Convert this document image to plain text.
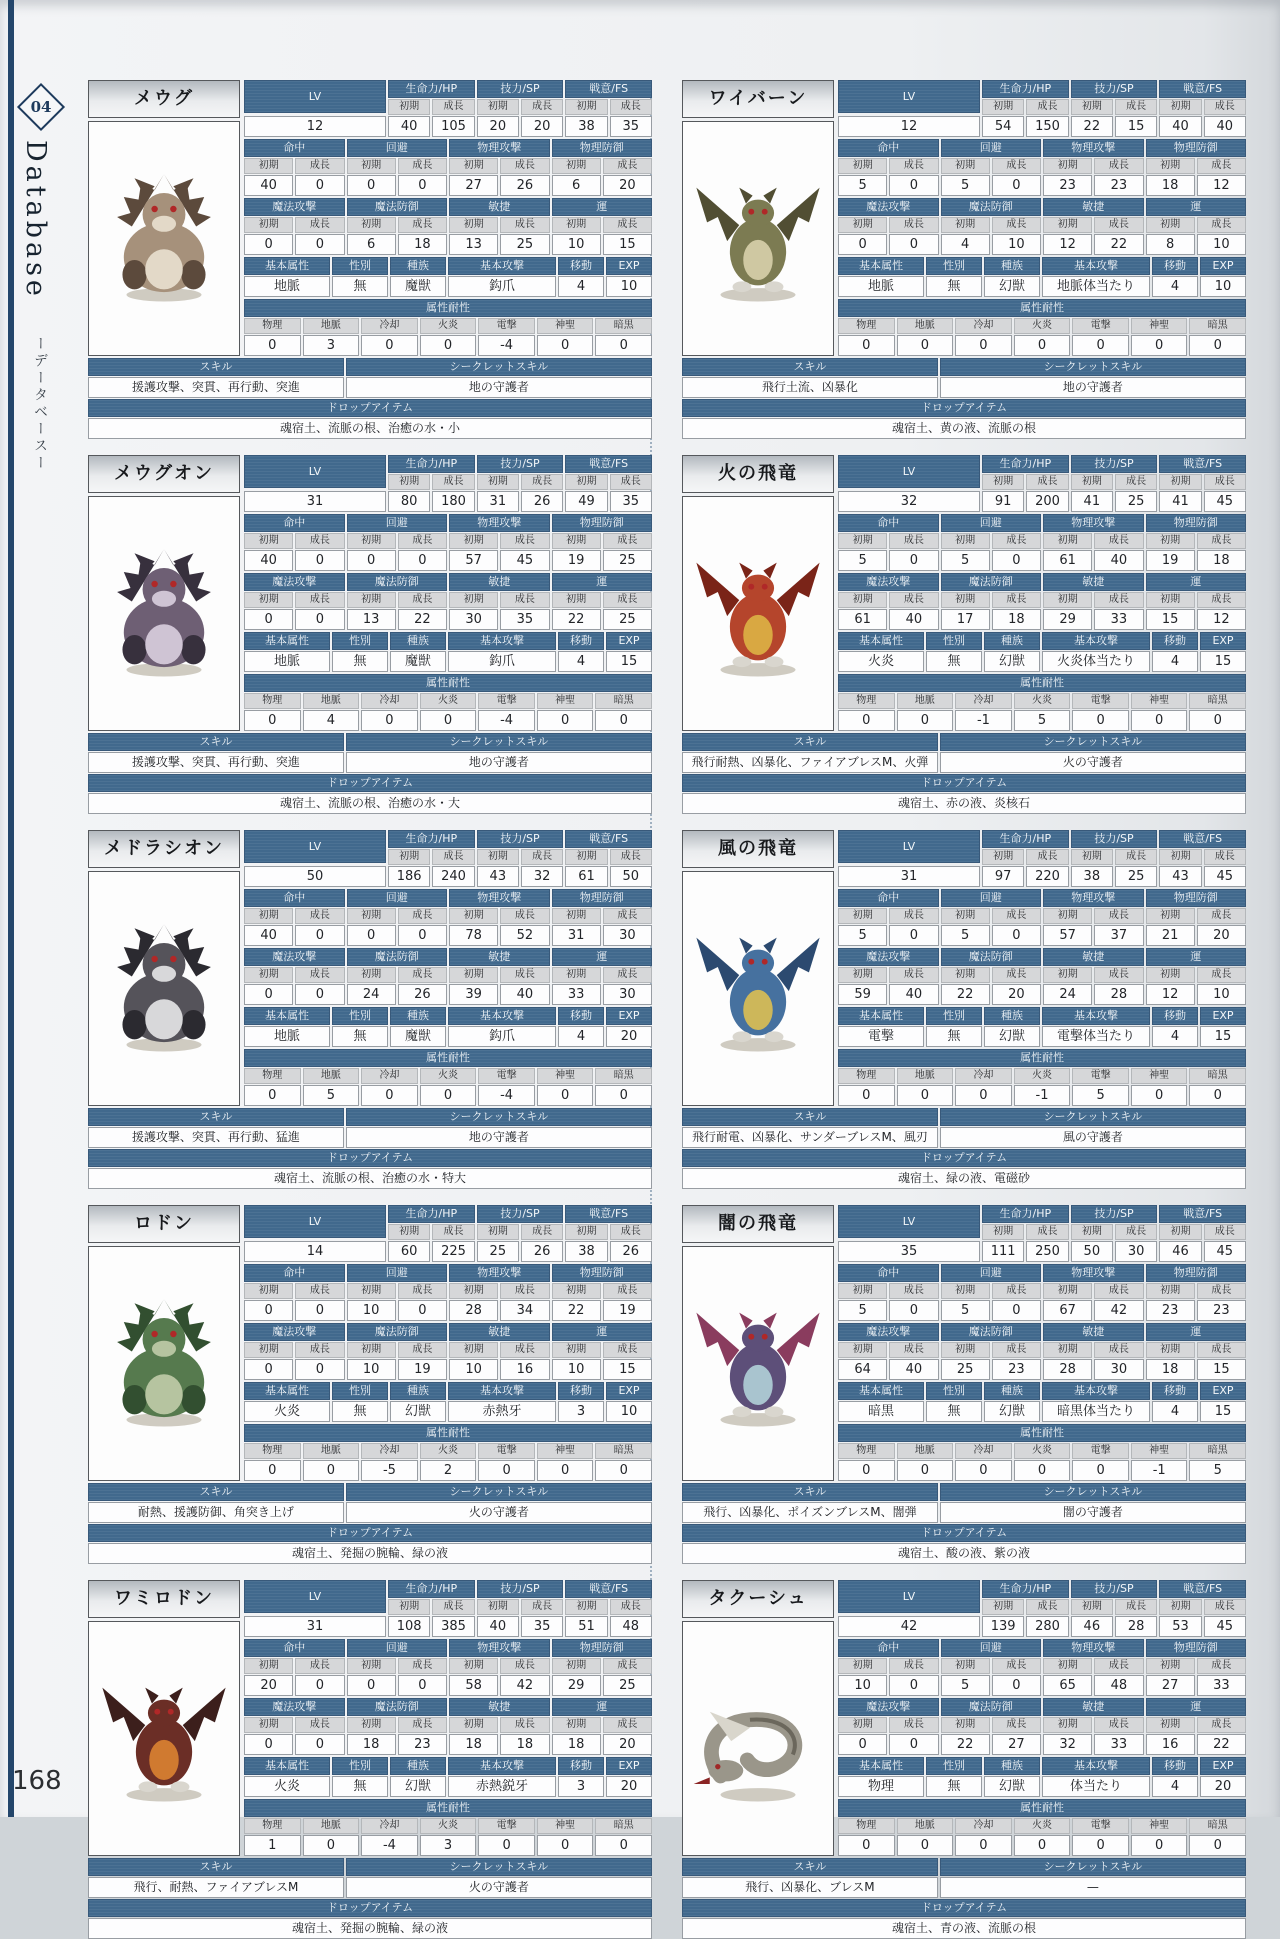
04
Database
ーデータベースー
168
メウグ	LV
生命力/HP	技力/SP	戦意/FS
初期	成長	初期	成長	初期	成長
12	40	105	20	20	38	35
命中	回避	物理攻撃	物理防御
初期	成長	初期	成長	初期	成長	初期	成長
40	0	0	0	27	26	6	20
魔法攻撃	魔法防御	敏捷	運
初期	成長	初期	成長	初期	成長	初期	成長
0	0	6	18	13	25	10	15
基本属性	性別	種族	基本攻撃	移動	EXP
地脈	無	魔獣	鈎爪	4	10
属性耐性
物理	地脈	冷却	火炎	電撃	神聖	暗黒
0	3	0	0	-4	0	0
スキル	シークレットスキル
援護攻撃、突貫、再行動、突進	地の守護者
ドロップアイテム
魂宿土、流脈の根、治癒の水・小
ワイバーン	LV
生命力/HP	技力/SP	戦意/FS
初期	成長	初期	成長	初期	成長
12	54	150	22	15	40	40
命中	回避	物理攻撃	物理防御
初期	成長	初期	成長	初期	成長	初期	成長
5	0	5	0	23	23	18	12
魔法攻撃	魔法防御	敏捷	運
初期	成長	初期	成長	初期	成長	初期	成長
0	0	4	10	12	22	8	10
基本属性	性別	種族	基本攻撃	移動	EXP
地脈	無	幻獣	地脈体当たり	4	10
属性耐性
物理	地脈	冷却	火炎	電撃	神聖	暗黒
0	0	0	0	0	0	0
スキル	シークレットスキル
飛行土流、凶暴化	地の守護者
ドロップアイテム
魂宿土、黄の液、流脈の根
メウグオン	LV
生命力/HP	技力/SP	戦意/FS
初期	成長	初期	成長	初期	成長
31	80	180	31	26	49	35
命中	回避	物理攻撃	物理防御
初期	成長	初期	成長	初期	成長	初期	成長
40	0	0	0	57	45	19	25
魔法攻撃	魔法防御	敏捷	運
初期	成長	初期	成長	初期	成長	初期	成長
0	0	13	22	30	35	22	25
基本属性	性別	種族	基本攻撃	移動	EXP
地脈	無	魔獣	鈎爪	4	15
属性耐性
物理	地脈	冷却	火炎	電撃	神聖	暗黒
0	4	0	0	-4	0	0
スキル	シークレットスキル
援護攻撃、突貫、再行動、突進	地の守護者
ドロップアイテム
魂宿土、流脈の根、治癒の水・大
火の飛竜	LV
生命力/HP	技力/SP	戦意/FS
初期	成長	初期	成長	初期	成長
32	91	200	41	25	41	45
命中	回避	物理攻撃	物理防御
初期	成長	初期	成長	初期	成長	初期	成長
5	0	5	0	61	40	19	18
魔法攻撃	魔法防御	敏捷	運
初期	成長	初期	成長	初期	成長	初期	成長
61	40	17	18	29	33	15	12
基本属性	性別	種族	基本攻撃	移動	EXP
火炎	無	幻獣	火炎体当たり	4	15
属性耐性
物理	地脈	冷却	火炎	電撃	神聖	暗黒
0	0	-1	5	0	0	0
スキル	シークレットスキル
飛行耐熱、凶暴化、ファイアブレスM、火弾	火の守護者
ドロップアイテム
魂宿土、赤の液、炎核石
メドラシオン	LV
生命力/HP	技力/SP	戦意/FS
初期	成長	初期	成長	初期	成長
50	186	240	43	32	61	50
命中	回避	物理攻撃	物理防御
初期	成長	初期	成長	初期	成長	初期	成長
40	0	0	0	78	52	31	30
魔法攻撃	魔法防御	敏捷	運
初期	成長	初期	成長	初期	成長	初期	成長
0	0	24	26	39	40	33	30
基本属性	性別	種族	基本攻撃	移動	EXP
地脈	無	魔獣	鈎爪	4	20
属性耐性
物理	地脈	冷却	火炎	電撃	神聖	暗黒
0	5	0	0	-4	0	0
スキル	シークレットスキル
援護攻撃、突貫、再行動、猛進	地の守護者
ドロップアイテム
魂宿土、流脈の根、治癒の水・特大
風の飛竜	LV
生命力/HP	技力/SP	戦意/FS
初期	成長	初期	成長	初期	成長
31	97	220	38	25	43	45
命中	回避	物理攻撃	物理防御
初期	成長	初期	成長	初期	成長	初期	成長
5	0	5	0	57	37	21	20
魔法攻撃	魔法防御	敏捷	運
初期	成長	初期	成長	初期	成長	初期	成長
59	40	22	20	24	28	12	10
基本属性	性別	種族	基本攻撃	移動	EXP
電撃	無	幻獣	電撃体当たり	4	15
属性耐性
物理	地脈	冷却	火炎	電撃	神聖	暗黒
0	0	0	-1	5	0	0
スキル	シークレットスキル
飛行耐電、凶暴化、サンダーブレスM、風刃	風の守護者
ドロップアイテム
魂宿土、緑の液、電磁砂
ロドン	LV
生命力/HP	技力/SP	戦意/FS
初期	成長	初期	成長	初期	成長
14	60	225	25	26	38	26
命中	回避	物理攻撃	物理防御
初期	成長	初期	成長	初期	成長	初期	成長
0	0	10	0	28	34	22	19
魔法攻撃	魔法防御	敏捷	運
初期	成長	初期	成長	初期	成長	初期	成長
0	0	10	19	10	16	10	15
基本属性	性別	種族	基本攻撃	移動	EXP
火炎	無	幻獣	赤熱牙	3	10
属性耐性
物理	地脈	冷却	火炎	電撃	神聖	暗黒
0	0	-5	2	0	0	0
スキル	シークレットスキル
耐熱、援護防御、角突き上げ	火の守護者
ドロップアイテム
魂宿土、発掘の腕輪、緑の液
闇の飛竜	LV
生命力/HP	技力/SP	戦意/FS
初期	成長	初期	成長	初期	成長
35	111	250	50	30	46	45
命中	回避	物理攻撃	物理防御
初期	成長	初期	成長	初期	成長	初期	成長
5	0	5	0	67	42	23	23
魔法攻撃	魔法防御	敏捷	運
初期	成長	初期	成長	初期	成長	初期	成長
64	40	25	23	28	30	18	15
基本属性	性別	種族	基本攻撃	移動	EXP
暗黒	無	幻獣	暗黒体当たり	4	15
属性耐性
物理	地脈	冷却	火炎	電撃	神聖	暗黒
0	0	0	0	0	-1	5
スキル	シークレットスキル
飛行、凶暴化、ポイズンブレスM、闇弾	闇の守護者
ドロップアイテム
魂宿土、酸の液、紫の液
ワミロドン	LV
生命力/HP	技力/SP	戦意/FS
初期	成長	初期	成長	初期	成長
31	108	385	40	35	51	48
命中	回避	物理攻撃	物理防御
初期	成長	初期	成長	初期	成長	初期	成長
20	0	0	0	58	42	29	25
魔法攻撃	魔法防御	敏捷	運
初期	成長	初期	成長	初期	成長	初期	成長
0	0	18	23	18	18	18	20
基本属性	性別	種族	基本攻撃	移動	EXP
火炎	無	幻獣	赤熱鋭牙	3	20
属性耐性
物理	地脈	冷却	火炎	電撃	神聖	暗黒
1	0	-4	3	0	0	0
スキル	シークレットスキル
飛行、耐熱、ファイアブレスM	火の守護者
ドロップアイテム
魂宿土、発掘の腕輪、緑の液
タクーシュ	LV
生命力/HP	技力/SP	戦意/FS
初期	成長	初期	成長	初期	成長
42	139	280	46	28	53	45
命中	回避	物理攻撃	物理防御
初期	成長	初期	成長	初期	成長	初期	成長
10	0	5	0	65	48	27	33
魔法攻撃	魔法防御	敏捷	運
初期	成長	初期	成長	初期	成長	初期	成長
0	0	22	27	32	33	16	22
基本属性	性別	種族	基本攻撃	移動	EXP
物理	無	幻獣	体当たり	4	20
属性耐性
物理	地脈	冷却	火炎	電撃	神聖	暗黒
0	0	0	0	0	0	0
スキル	シークレットスキル
飛行、凶暴化、ブレスM	—
ドロップアイテム
魂宿土、青の液、流脈の根
